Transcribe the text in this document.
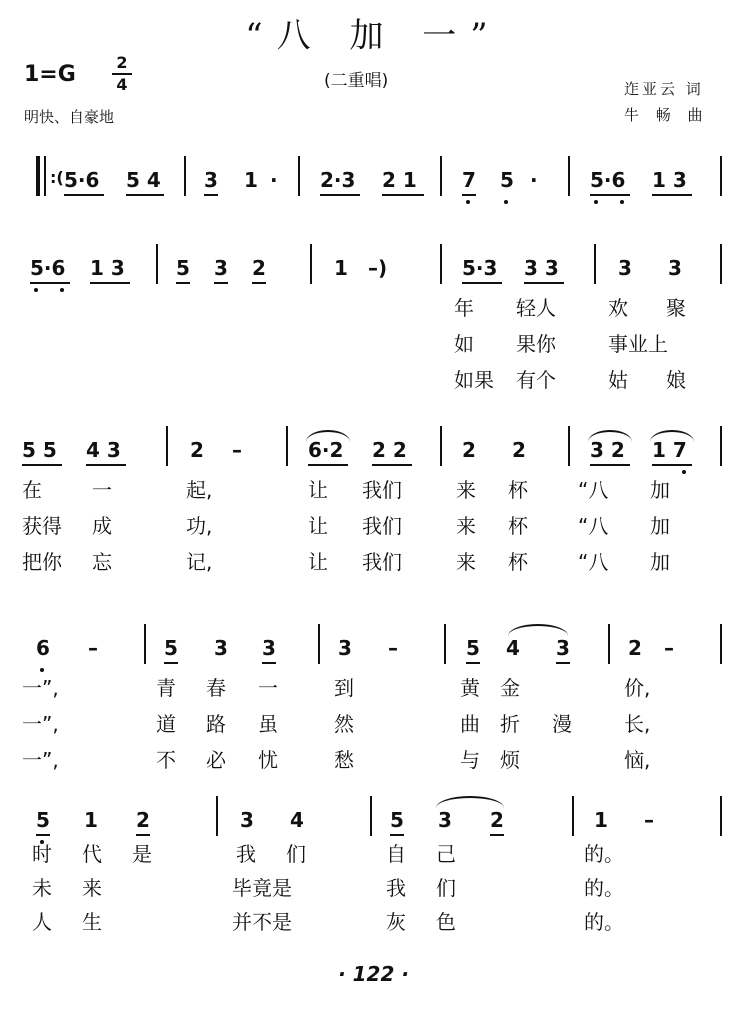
“八 加 一”
1=G	2
4	(二重唱)	迮亚云 词
牛 畅 曲
明快、自豪地
:( 5·6 5 4 3 1 · 2·3 2 1 7 5 ·	5·6 1 3
5·6 1 3	5 3 2	1 –)	5·3 3 3	3 3
年 轻人	欢 聚
如 果你	事业上
如果 有个	姑 娘
5 5 4 3	2 –	6·2 2 2	2 2	3 2 1 7
在	一	起,	让 我们	来 杯	“八 加
获得 成	功,	让 我们	来 杯	“八 加
把你 忘	记,	让 我们	来 杯	“八 加
6 –	5 3 3	3 –	5 4 3	2 –
一”,	青 春 一	到	黄 金	价,
一”,	道 路 虽	然	曲 折 漫	长,
一”,	不 必 忧	愁	与 烦	恼,
5 1 2	3 4	5 3 2	1 –
时 代 是	我 们	自 己	的。
未 来	毕竟是	我 们	的。
人 生	并不是	灰 色	的。
· 122 ·
